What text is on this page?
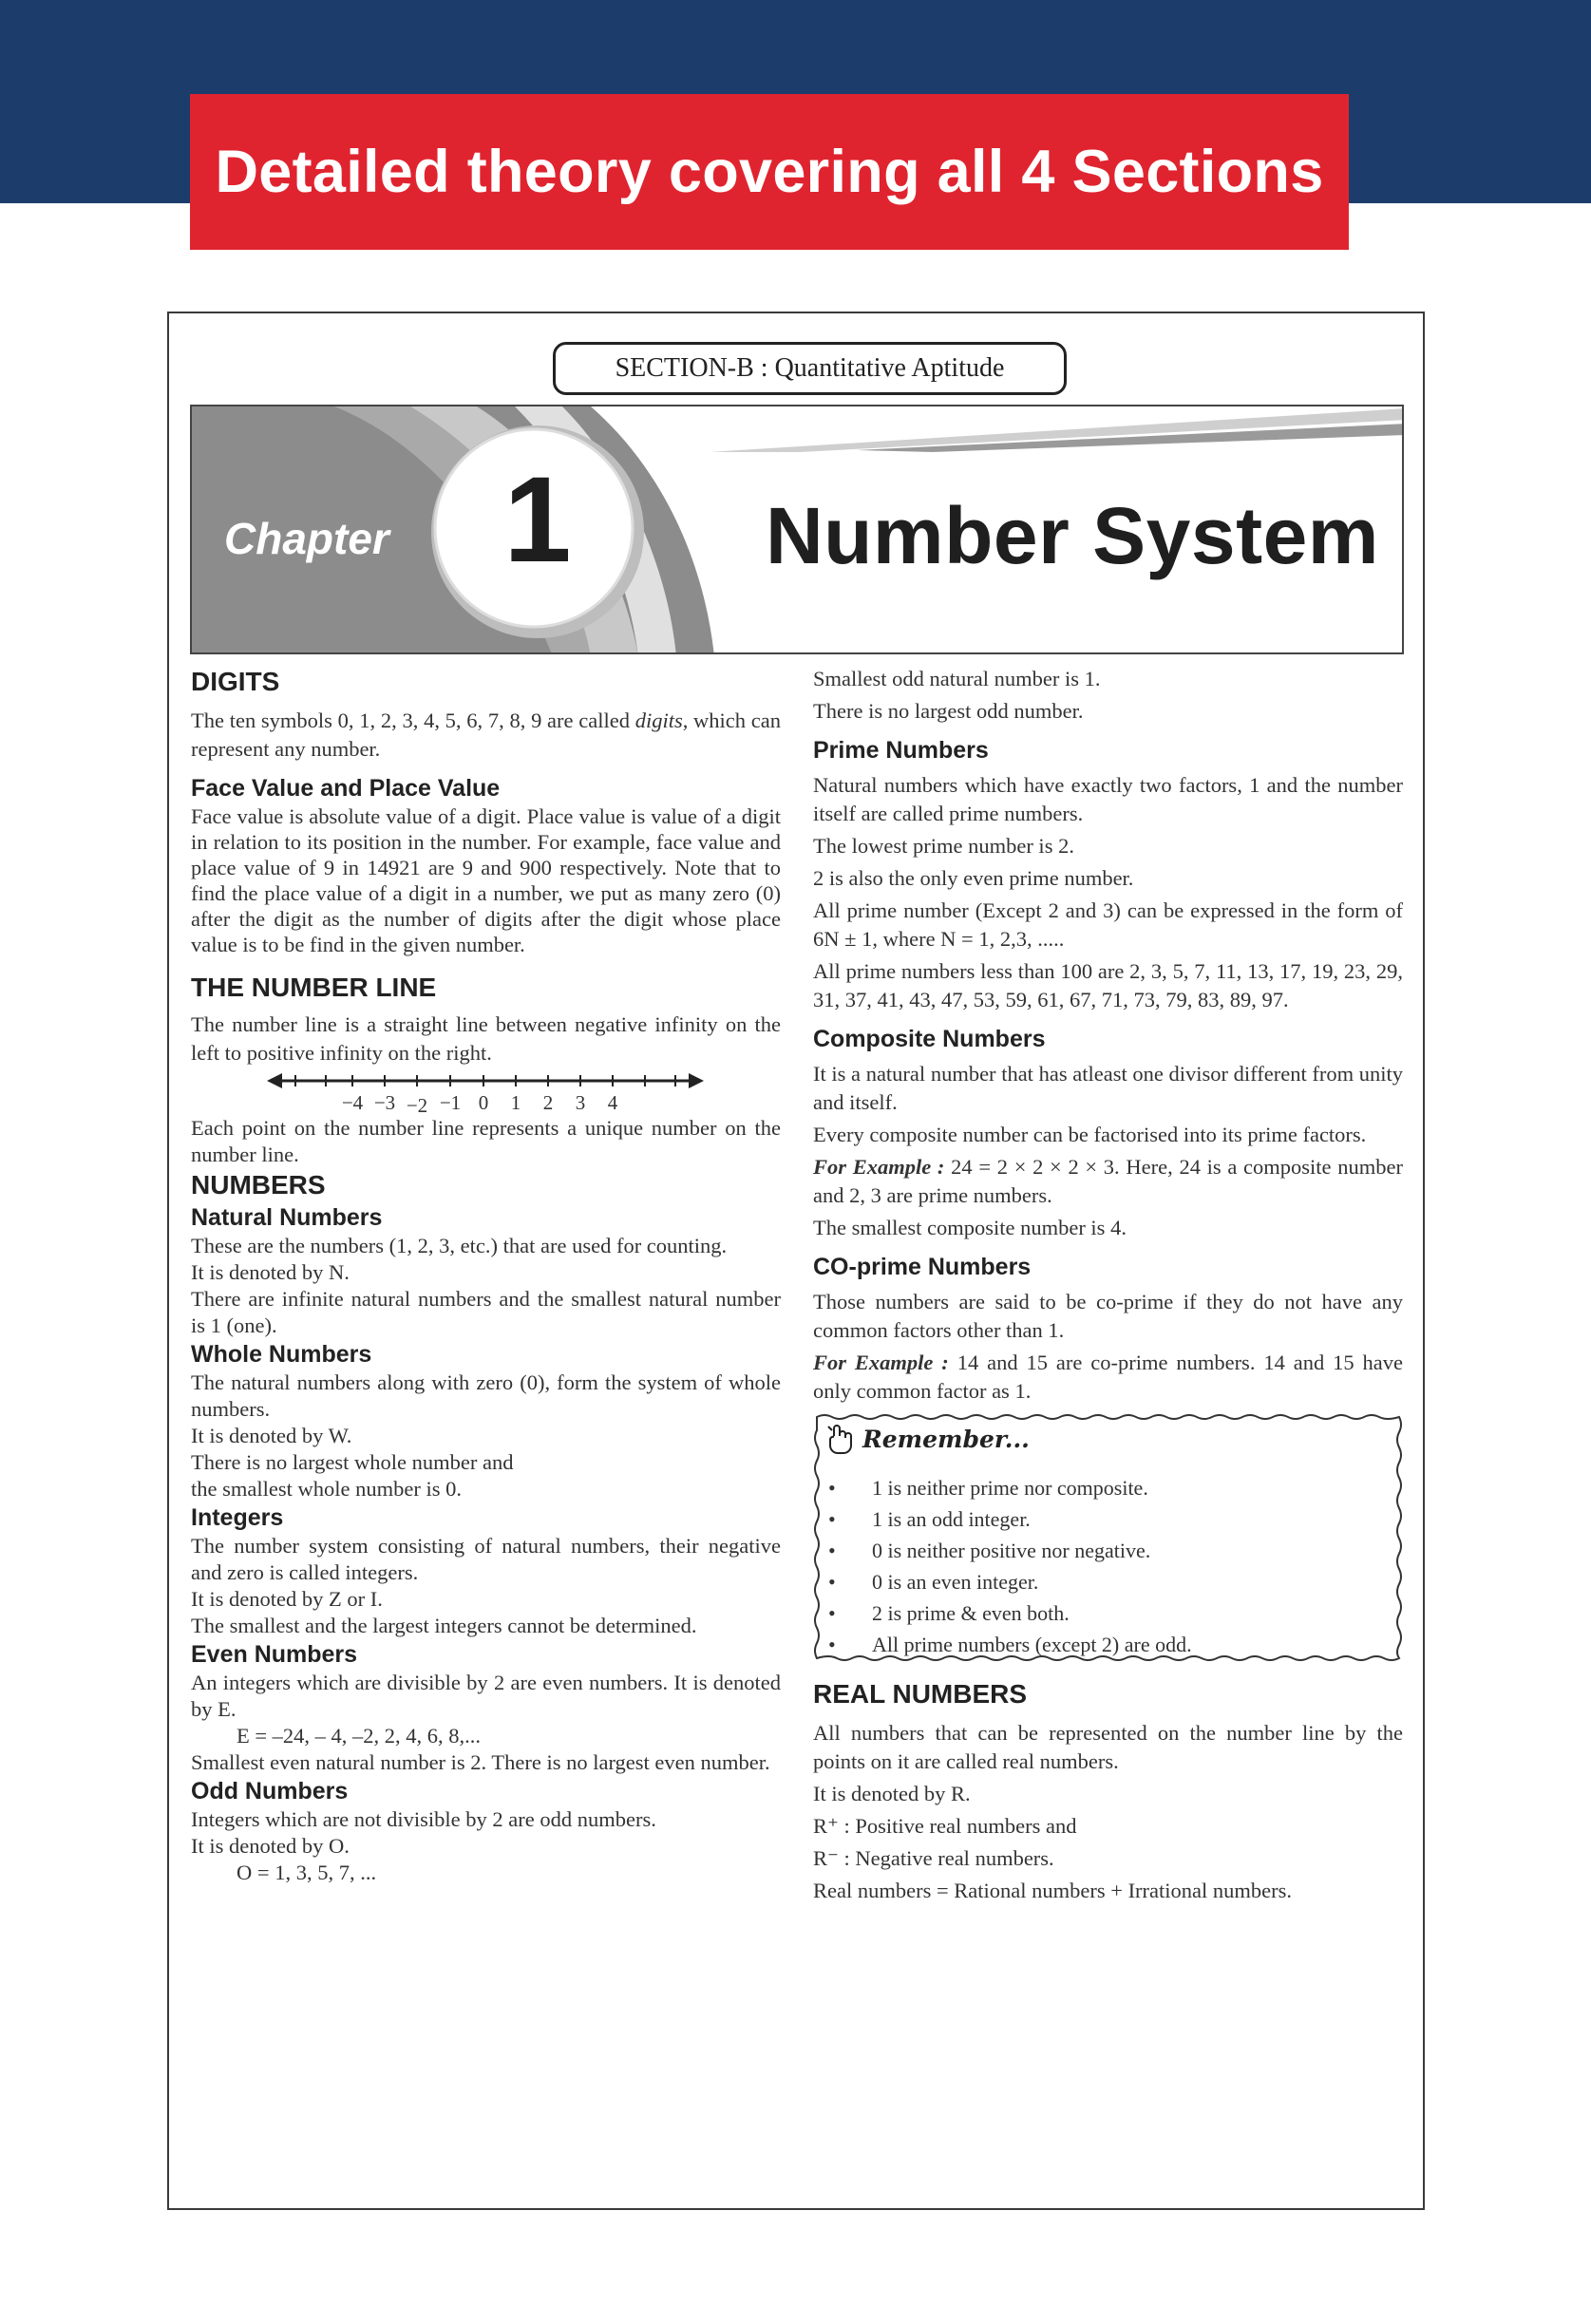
Detailed theory covering all 4 Sections
SECTION-B : Quantitative Aptitude
Chapter 1 Number System
DIGITS

The ten symbols 0, 1, 2, 3, 4, 5, 6, 7, 8, 9 are called digits, which can represent any number.

Face Value and Place Value

Face value is absolute value of a digit. Place value is value of a digit in relation to its position in the number. For example, face value and place value of 9 in 14921 are 9 and 900 respectively. Note that to find the place value of a digit in a number, we put as many zero (0) after the digit as the number of digits after the digit whose place value is to be find in the given number.

THE NUMBER LINE

The number line is a straight line between negative infinity on the left to positive infinity on the right.

−4 −3 −2 −1 0 1 2 3 4

Each point on the number line represents a unique number on the number line.

NUMBERS
Natural Numbers

These are the numbers (1, 2, 3, etc.) that are used for counting.

It is denoted by N.

There are infinite natural numbers and the smallest natural number is 1 (one).

Whole Numbers

The natural numbers along with zero (0), form the system of whole numbers.

It is denoted by W.

There is no largest whole number and

the smallest whole number is 0.

Integers

The number system consisting of natural numbers, their negative and zero is called integers.

It is denoted by Z or I.

The smallest and the largest integers cannot be determined.

Even Numbers

An integers which are divisible by 2 are even numbers. It is denoted by E.

E = –24, – 4, –2, 2, 4, 6, 8,...

Smallest even natural number is 2. There is no largest even number.

Odd Numbers

Integers which are not divisible by 2 are odd numbers.

It is denoted by O.

O = 1, 3, 5, 7, ...

Smallest odd natural number is 1.

There is no largest odd number.

Prime Numbers

Natural numbers which have exactly two factors, 1 and the number itself are called prime numbers.

The lowest prime number is 2.

2 is also the only even prime number.

All prime number (Except 2 and 3) can be expressed in the form of 6N ± 1, where N = 1, 2,3, .....

All prime numbers less than 100 are 2, 3, 5, 7, 11, 13, 17, 19, 23, 29, 31, 37, 41, 43, 47, 53, 59, 61, 67, 71, 73, 79, 83, 89, 97.

Composite Numbers

It is a natural number that has atleast one divisor different from unity and itself.

Every composite number can be factorised into its prime factors.

For Example : 24 = 2 × 2 × 2 × 3. Here, 24 is a composite number and 2, 3 are prime numbers.

The smallest composite number is 4.

CO-prime Numbers

Those numbers are said to be co-prime if they do not have any common factors other than 1.

For Example : 14 and 15 are co-prime numbers. 14 and 15 have only common factor as 1.

Remember...
•	1 is neither prime nor composite.
•	1 is an odd integer.
•	0 is neither positive nor negative.
•	0 is an even integer.
•	2 is prime & even both.
•	All prime numbers (except 2) are odd.
REAL NUMBERS

All numbers that can be represented on the number line by the points on it are called real numbers.

It is denoted by R.

R⁺ : Positive real numbers and

R⁻ : Negative real numbers.

Real numbers = Rational numbers + Irrational numbers.
